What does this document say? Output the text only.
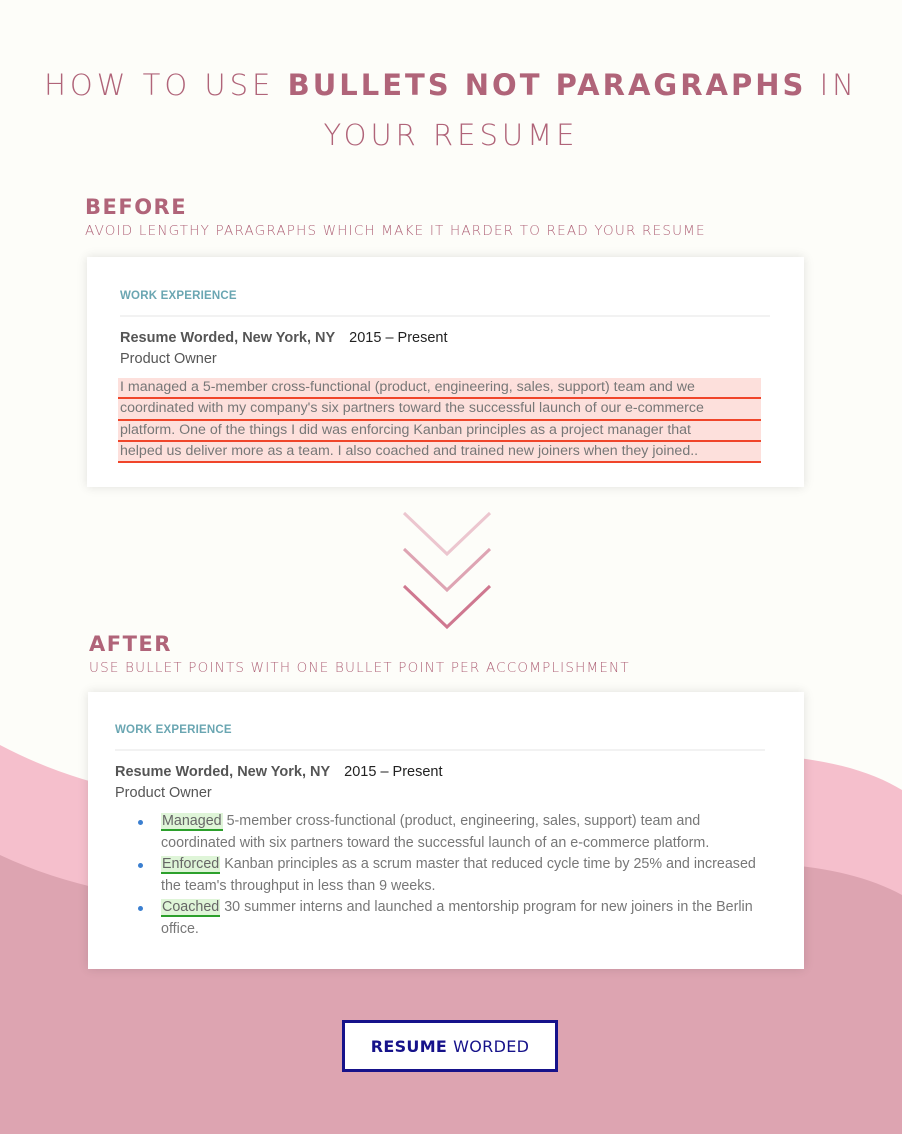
HOW TO USE BULLETS NOT PARAGRAPHS IN
YOUR RESUME
BEFORE
AVOID LENGTHY PARAGRAPHS WHICH MAKE IT HARDER TO READ YOUR RESUME
WORK EXPERIENCE
Resume Worded, New York, NY 2015 – Present
Product Owner
I managed a 5-member cross-functional (product, engineering, sales, support) team and we
coordinated with my company's six partners toward the successful launch of our e-commerce
platform. One of the things I did was enforcing Kanban principles as a project manager that
helped us deliver more as a team. I also coached and trained new joiners when they joined..
AFTER
USE BULLET POINTS WITH ONE BULLET POINT PER ACCOMPLISHMENT
WORK EXPERIENCE
Resume Worded, New York, NY 2015 – Present
Product Owner
Managed 5-member cross-functional (product, engineering, sales, support) team and coordinated with six partners toward the successful launch of an e-commerce platform.
Enforced Kanban principles as a scrum master that reduced cycle time by 25% and increased the team's throughput in less than 9 weeks.
Coached 30 summer interns and launched a mentorship program for new joiners in the Berlin office.
RESUME WORDED
